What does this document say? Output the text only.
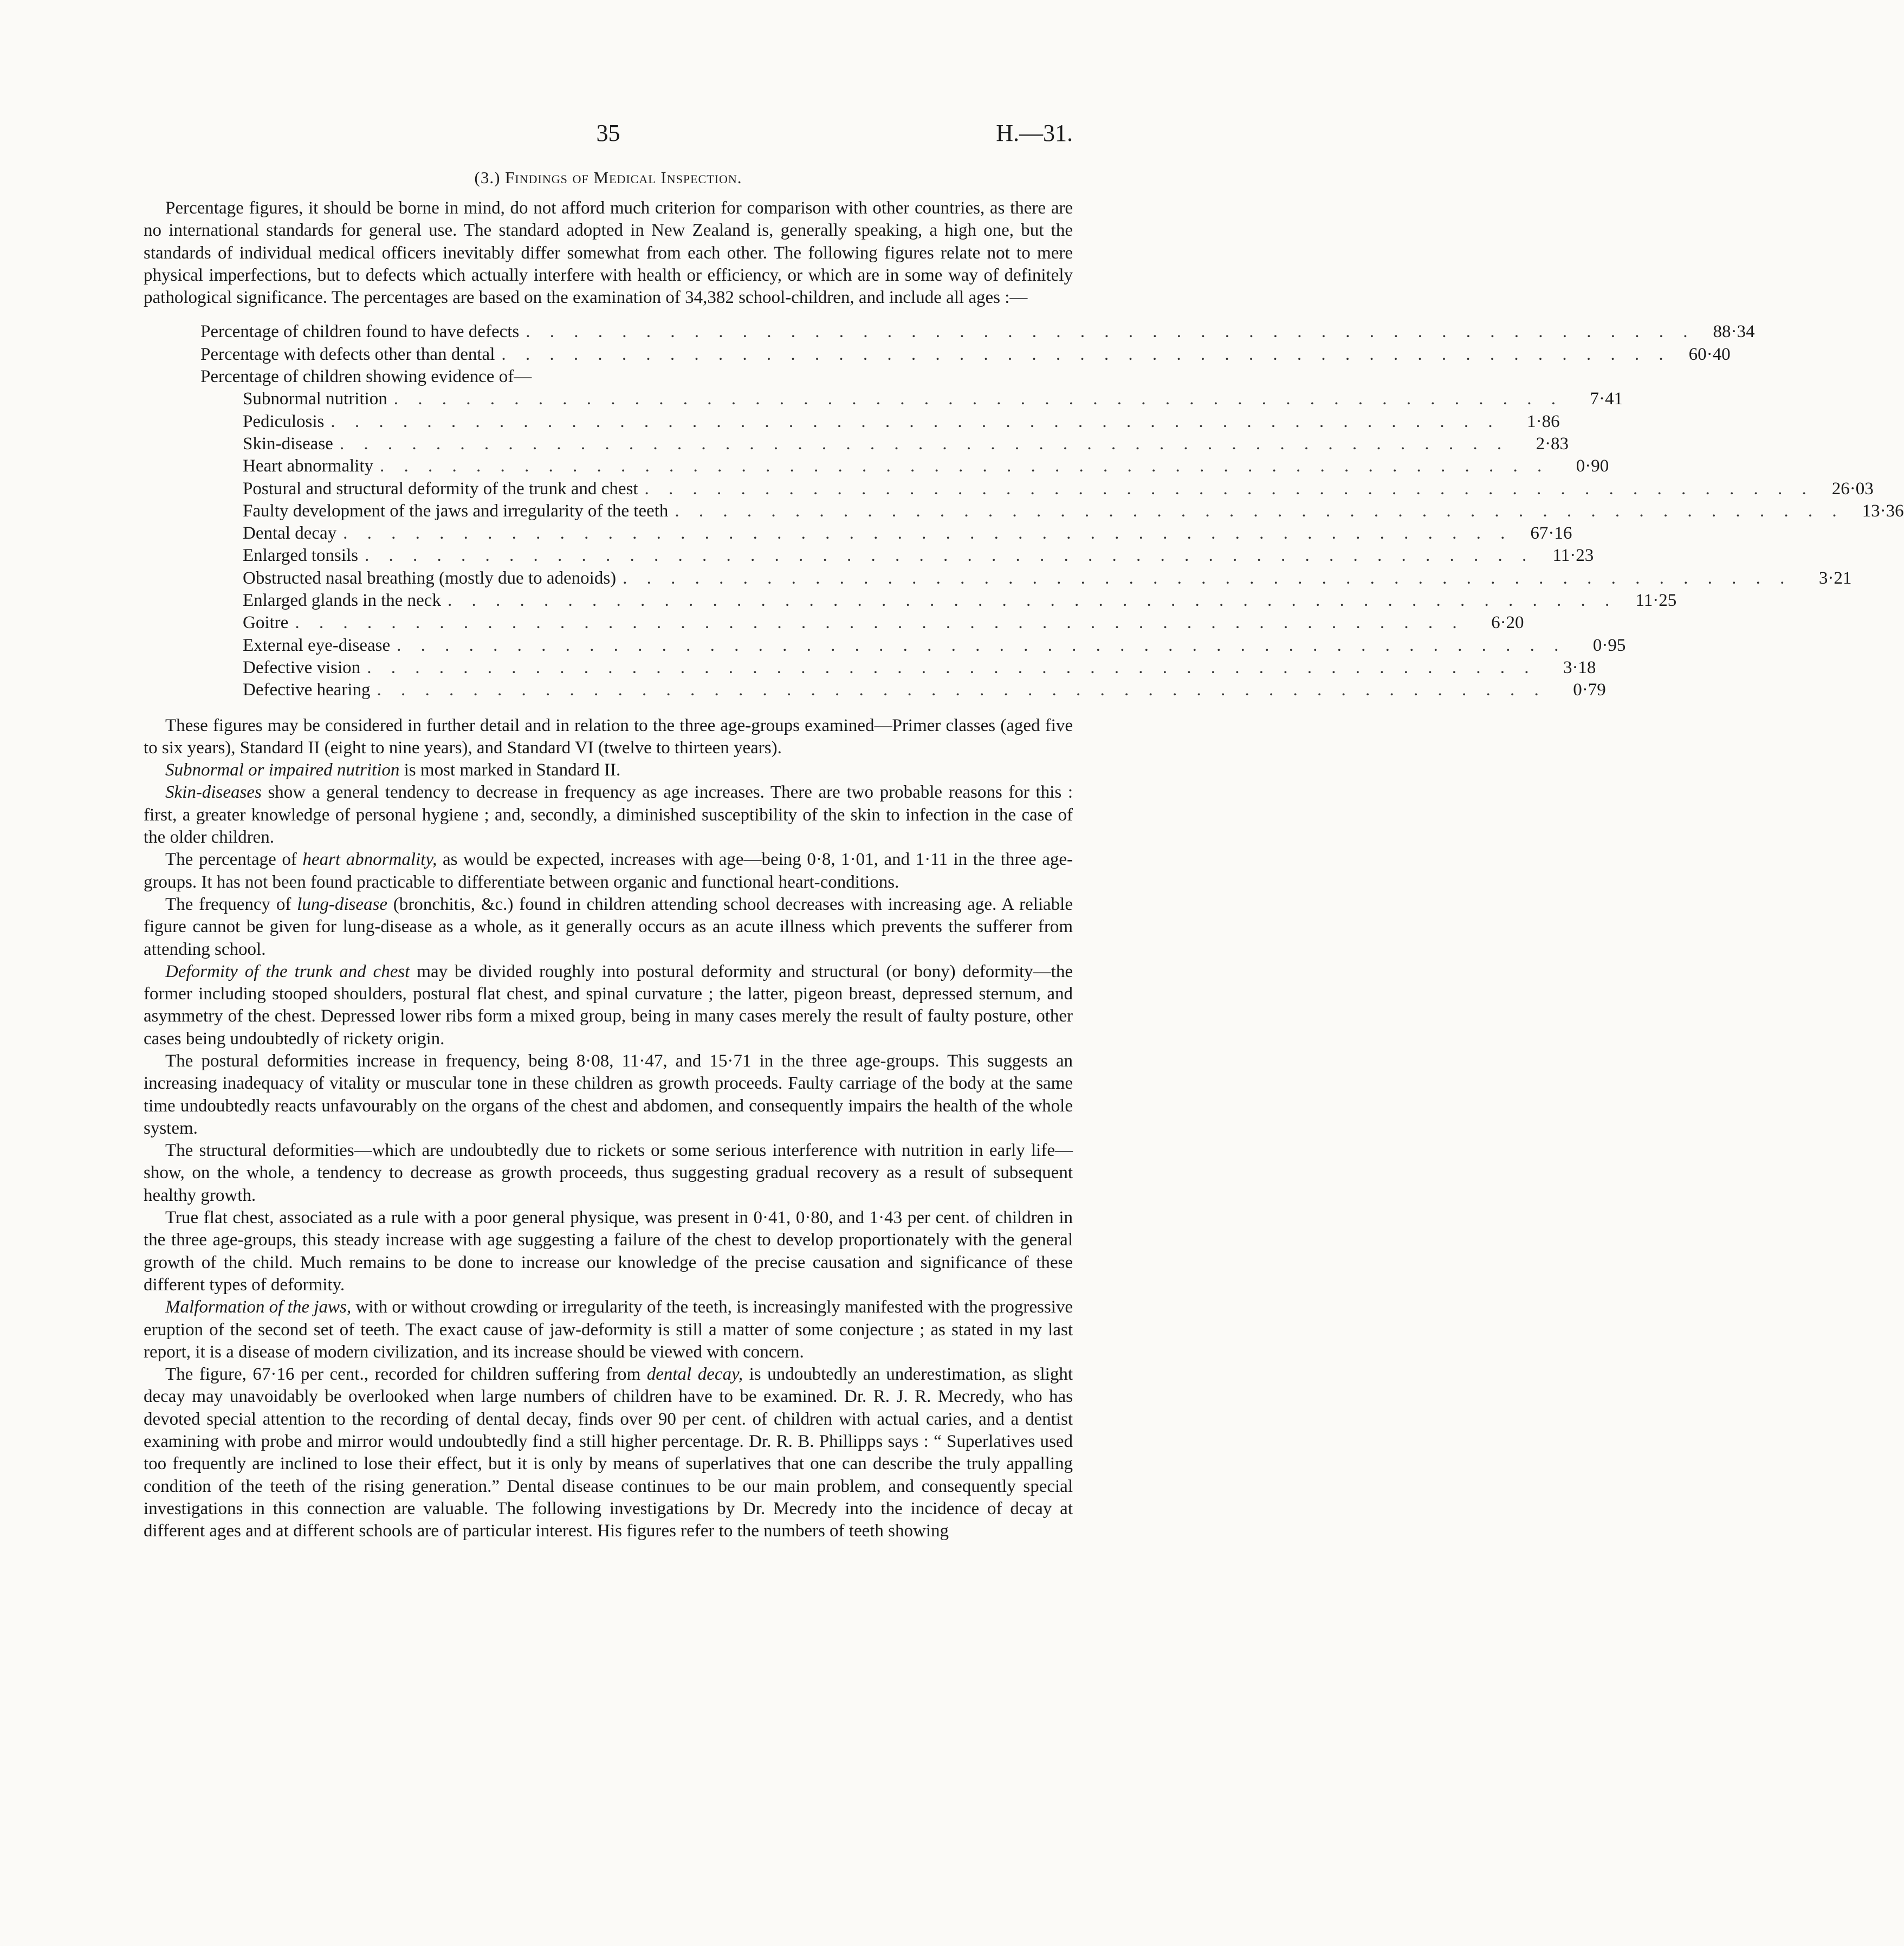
35	H.—31.
(3.) Findings of Medical Inspection.

Percentage figures, it should be borne in mind, do not afford much criterion for comparison with other countries, as there are no international standards for general use. The standard adopted in New Zealand is, generally speaking, a high one, but the standards of individual medical officers inevitably differ somewhat from each other. The following figures relate not to mere physical imperfections, but to defects which actually interfere with health or efficiency, or which are in some way of definitely pathological significance. The percentages are based on the examination of 34,382 school-children, and include all ages :—

Percentage of children found to have defects . . . . . . . . . . . . . . . . . . . . . . . . . . . . . . . . . . . . . . . . . . . . . . . . .	88·34
Percentage with defects other than dental . . . . . . . . . . . . . . . . . . . . . . . . . . . . . . . . . . . . . . . . . . . . . . . . .	60·40
Percentage of children showing evidence of—
Subnormal nutrition . . . . . . . . . . . . . . . . . . . . . . . . . . . . . . . . . . . . . . . . . . . . . . . . .	7·41
Pediculosis . . . . . . . . . . . . . . . . . . . . . . . . . . . . . . . . . . . . . . . . . . . . . . . . .	1·86
Skin-disease . . . . . . . . . . . . . . . . . . . . . . . . . . . . . . . . . . . . . . . . . . . . . . . . .	2·83
Heart abnormality . . . . . . . . . . . . . . . . . . . . . . . . . . . . . . . . . . . . . . . . . . . . . . . . .	0·90
Postural and structural deformity of the trunk and chest . . . . . . . . . . . . . . . . . . . . . . . . . . . . . . . . . . . . . . . . . . . . . . . . .	26·03
Faulty development of the jaws and irregularity of the teeth . . . . . . . . . . . . . . . . . . . . . . . . . . . . . . . . . . . . . . . . . . . . . . . . .	13·36
Dental decay . . . . . . . . . . . . . . . . . . . . . . . . . . . . . . . . . . . . . . . . . . . . . . . . .	67·16
Enlarged tonsils . . . . . . . . . . . . . . . . . . . . . . . . . . . . . . . . . . . . . . . . . . . . . . . . .	11·23
Obstructed nasal breathing (mostly due to adenoids) . . . . . . . . . . . . . . . . . . . . . . . . . . . . . . . . . . . . . . . . . . . . . . . . .	3·21
Enlarged glands in the neck . . . . . . . . . . . . . . . . . . . . . . . . . . . . . . . . . . . . . . . . . . . . . . . . .	11·25
Goitre . . . . . . . . . . . . . . . . . . . . . . . . . . . . . . . . . . . . . . . . . . . . . . . . .	6·20
External eye-disease . . . . . . . . . . . . . . . . . . . . . . . . . . . . . . . . . . . . . . . . . . . . . . . . .	0·95
Defective vision . . . . . . . . . . . . . . . . . . . . . . . . . . . . . . . . . . . . . . . . . . . . . . . . .	3·18
Defective hearing . . . . . . . . . . . . . . . . . . . . . . . . . . . . . . . . . . . . . . . . . . . . . . . . .	0·79

These figures may be considered in further detail and in relation to the three age-groups examined—Primer classes (aged five to six years), Standard II (eight to nine years), and Standard VI (twelve to thirteen years).

Subnormal or impaired nutrition is most marked in Standard II.

Skin-diseases show a general tendency to decrease in frequency as age increases. There are two probable reasons for this : first, a greater knowledge of personal hygiene ; and, secondly, a diminished susceptibility of the skin to infection in the case of the older children.

The percentage of heart abnormality, as would be expected, increases with age—being 0·8, 1·01, and 1·11 in the three age-groups. It has not been found practicable to differentiate between organic and functional heart-conditions.

The frequency of lung-disease (bronchitis, &c.) found in children attending school decreases with increasing age. A reliable figure cannot be given for lung-disease as a whole, as it generally occurs as an acute illness which prevents the sufferer from attending school.

Deformity of the trunk and chest may be divided roughly into postural deformity and structural (or bony) deformity—the former including stooped shoulders, postural flat chest, and spinal curvature ; the latter, pigeon breast, depressed sternum, and asymmetry of the chest. Depressed lower ribs form a mixed group, being in many cases merely the result of faulty posture, other cases being undoubtedly of rickety origin.

The postural deformities increase in frequency, being 8·08, 11·47, and 15·71 in the three age-groups. This suggests an increasing inadequacy of vitality or muscular tone in these children as growth proceeds. Faulty carriage of the body at the same time undoubtedly reacts unfavourably on the organs of the chest and abdomen, and consequently impairs the health of the whole system.

The structural deformities—which are undoubtedly due to rickets or some serious interference with nutrition in early life—show, on the whole, a tendency to decrease as growth proceeds, thus suggesting gradual recovery as a result of subsequent healthy growth.

True flat chest, associated as a rule with a poor general physique, was present in 0·41, 0·80, and 1·43 per cent. of children in the three age-groups, this steady increase with age suggesting a failure of the chest to develop proportionately with the general growth of the child. Much remains to be done to increase our knowledge of the precise causation and significance of these different types of deformity.

Malformation of the jaws, with or without crowding or irregularity of the teeth, is increasingly manifested with the progressive eruption of the second set of teeth. The exact cause of jaw-deformity is still a matter of some conjecture ; as stated in my last report, it is a disease of modern civilization, and its increase should be viewed with concern.

The figure, 67·16 per cent., recorded for children suffering from dental decay, is undoubtedly an underestimation, as slight decay may unavoidably be overlooked when large numbers of children have to be examined. Dr. R. J. R. Mecredy, who has devoted special attention to the recording of dental decay, finds over 90 per cent. of children with actual caries, and a dentist examining with probe and mirror would undoubtedly find a still higher percentage. Dr. R. B. Phillipps says : “ Superlatives used too frequently are inclined to lose their effect, but it is only by means of superlatives that one can describe the truly appalling condition of the teeth of the rising generation.” Dental disease continues to be our main problem, and consequently special investigations in this connection are valuable. The following investigations by Dr. Mecredy into the incidence of decay at different ages and at different schools are of particular interest. His figures refer to the numbers of teeth showing
